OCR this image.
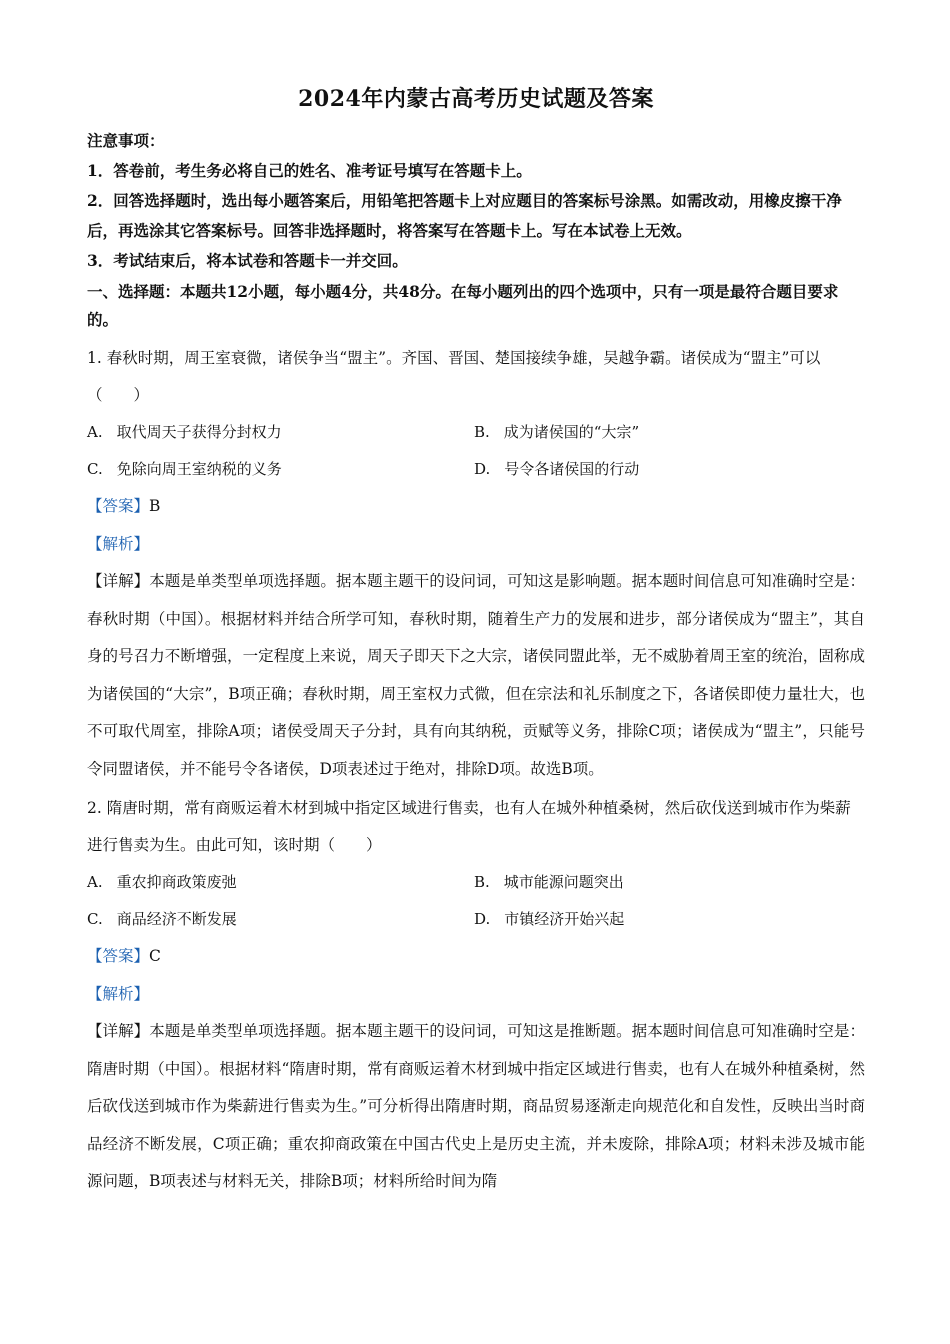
2024年内蒙古高考历史试题及答案
注意事项：
1．答卷前，考生务必将自己的姓名、准考证号填写在答题卡上。
2．回答选择题时，选出每小题答案后，用铅笔把答题卡上对应题目的答案标号涂黑。如需改动，用橡皮擦干净后，再选涂其它答案标号。回答非选择题时，将答案写在答题卡上。写在本试卷上无效。
3．考试结束后，将本试卷和答题卡一并交回。
一、选择题：本题共12小题，每小题4分，共48分。在每小题列出的四个选项中，只有一项是最符合题目要求的。
1. 春秋时期，周王室衰微，诸侯争当“盟主”。齐国、晋国、楚国接续争雄，吴越争霸。诸侯成为“盟主”可以（　　）
A. 取代周天子获得分封权力	B. 成为诸侯国的“大宗”
C. 免除向周王室纳税的义务	D. 号令各诸侯国的行动
【答案】B
【解析】
【详解】本题是单类型单项选择题。据本题主题干的设问词，可知这是影响题。据本题时间信息可知准确时空是：春秋时期（中国）。根据材料并结合所学可知，春秋时期，随着生产力的发展和进步，部分诸侯成为“盟主”，其自身的号召力不断增强，一定程度上来说，周天子即天下之大宗，诸侯同盟此举，无不威胁着周王室的统治，固称成为诸侯国的“大宗”，B项正确；春秋时期，周王室权力式微，但在宗法和礼乐制度之下，各诸侯即使力量壮大，也不可取代周室，排除A项；诸侯受周天子分封，具有向其纳税，贡赋等义务，排除C项；诸侯成为“盟主”，只能号令同盟诸侯，并不能号令各诸侯，D项表述过于绝对，排除D项。故选B项。
2. 隋唐时期，常有商贩运着木材到城中指定区域进行售卖，也有人在城外种植桑树，然后砍伐送到城市作为柴薪进行售卖为生。由此可知，该时期（　　）
A. 重农抑商政策废弛	B. 城市能源问题突出
C. 商品经济不断发展	D. 市镇经济开始兴起
【答案】C
【解析】
【详解】本题是单类型单项选择题。据本题主题干的设问词，可知这是推断题。据本题时间信息可知准确时空是：隋唐时期（中国）。根据材料“隋唐时期，常有商贩运着木材到城中指定区域进行售卖，也有人在城外种植桑树，然后砍伐送到城市作为柴薪进行售卖为生。”可分析得出隋唐时期，商品贸易逐渐走向规范化和自发性，反映出当时商品经济不断发展，C项正确；重农抑商政策在中国古代史上是历史主流，并未废除，排除A项；材料未涉及城市能源问题，B项表述与材料无关，排除B项；材料所给时间为隋
